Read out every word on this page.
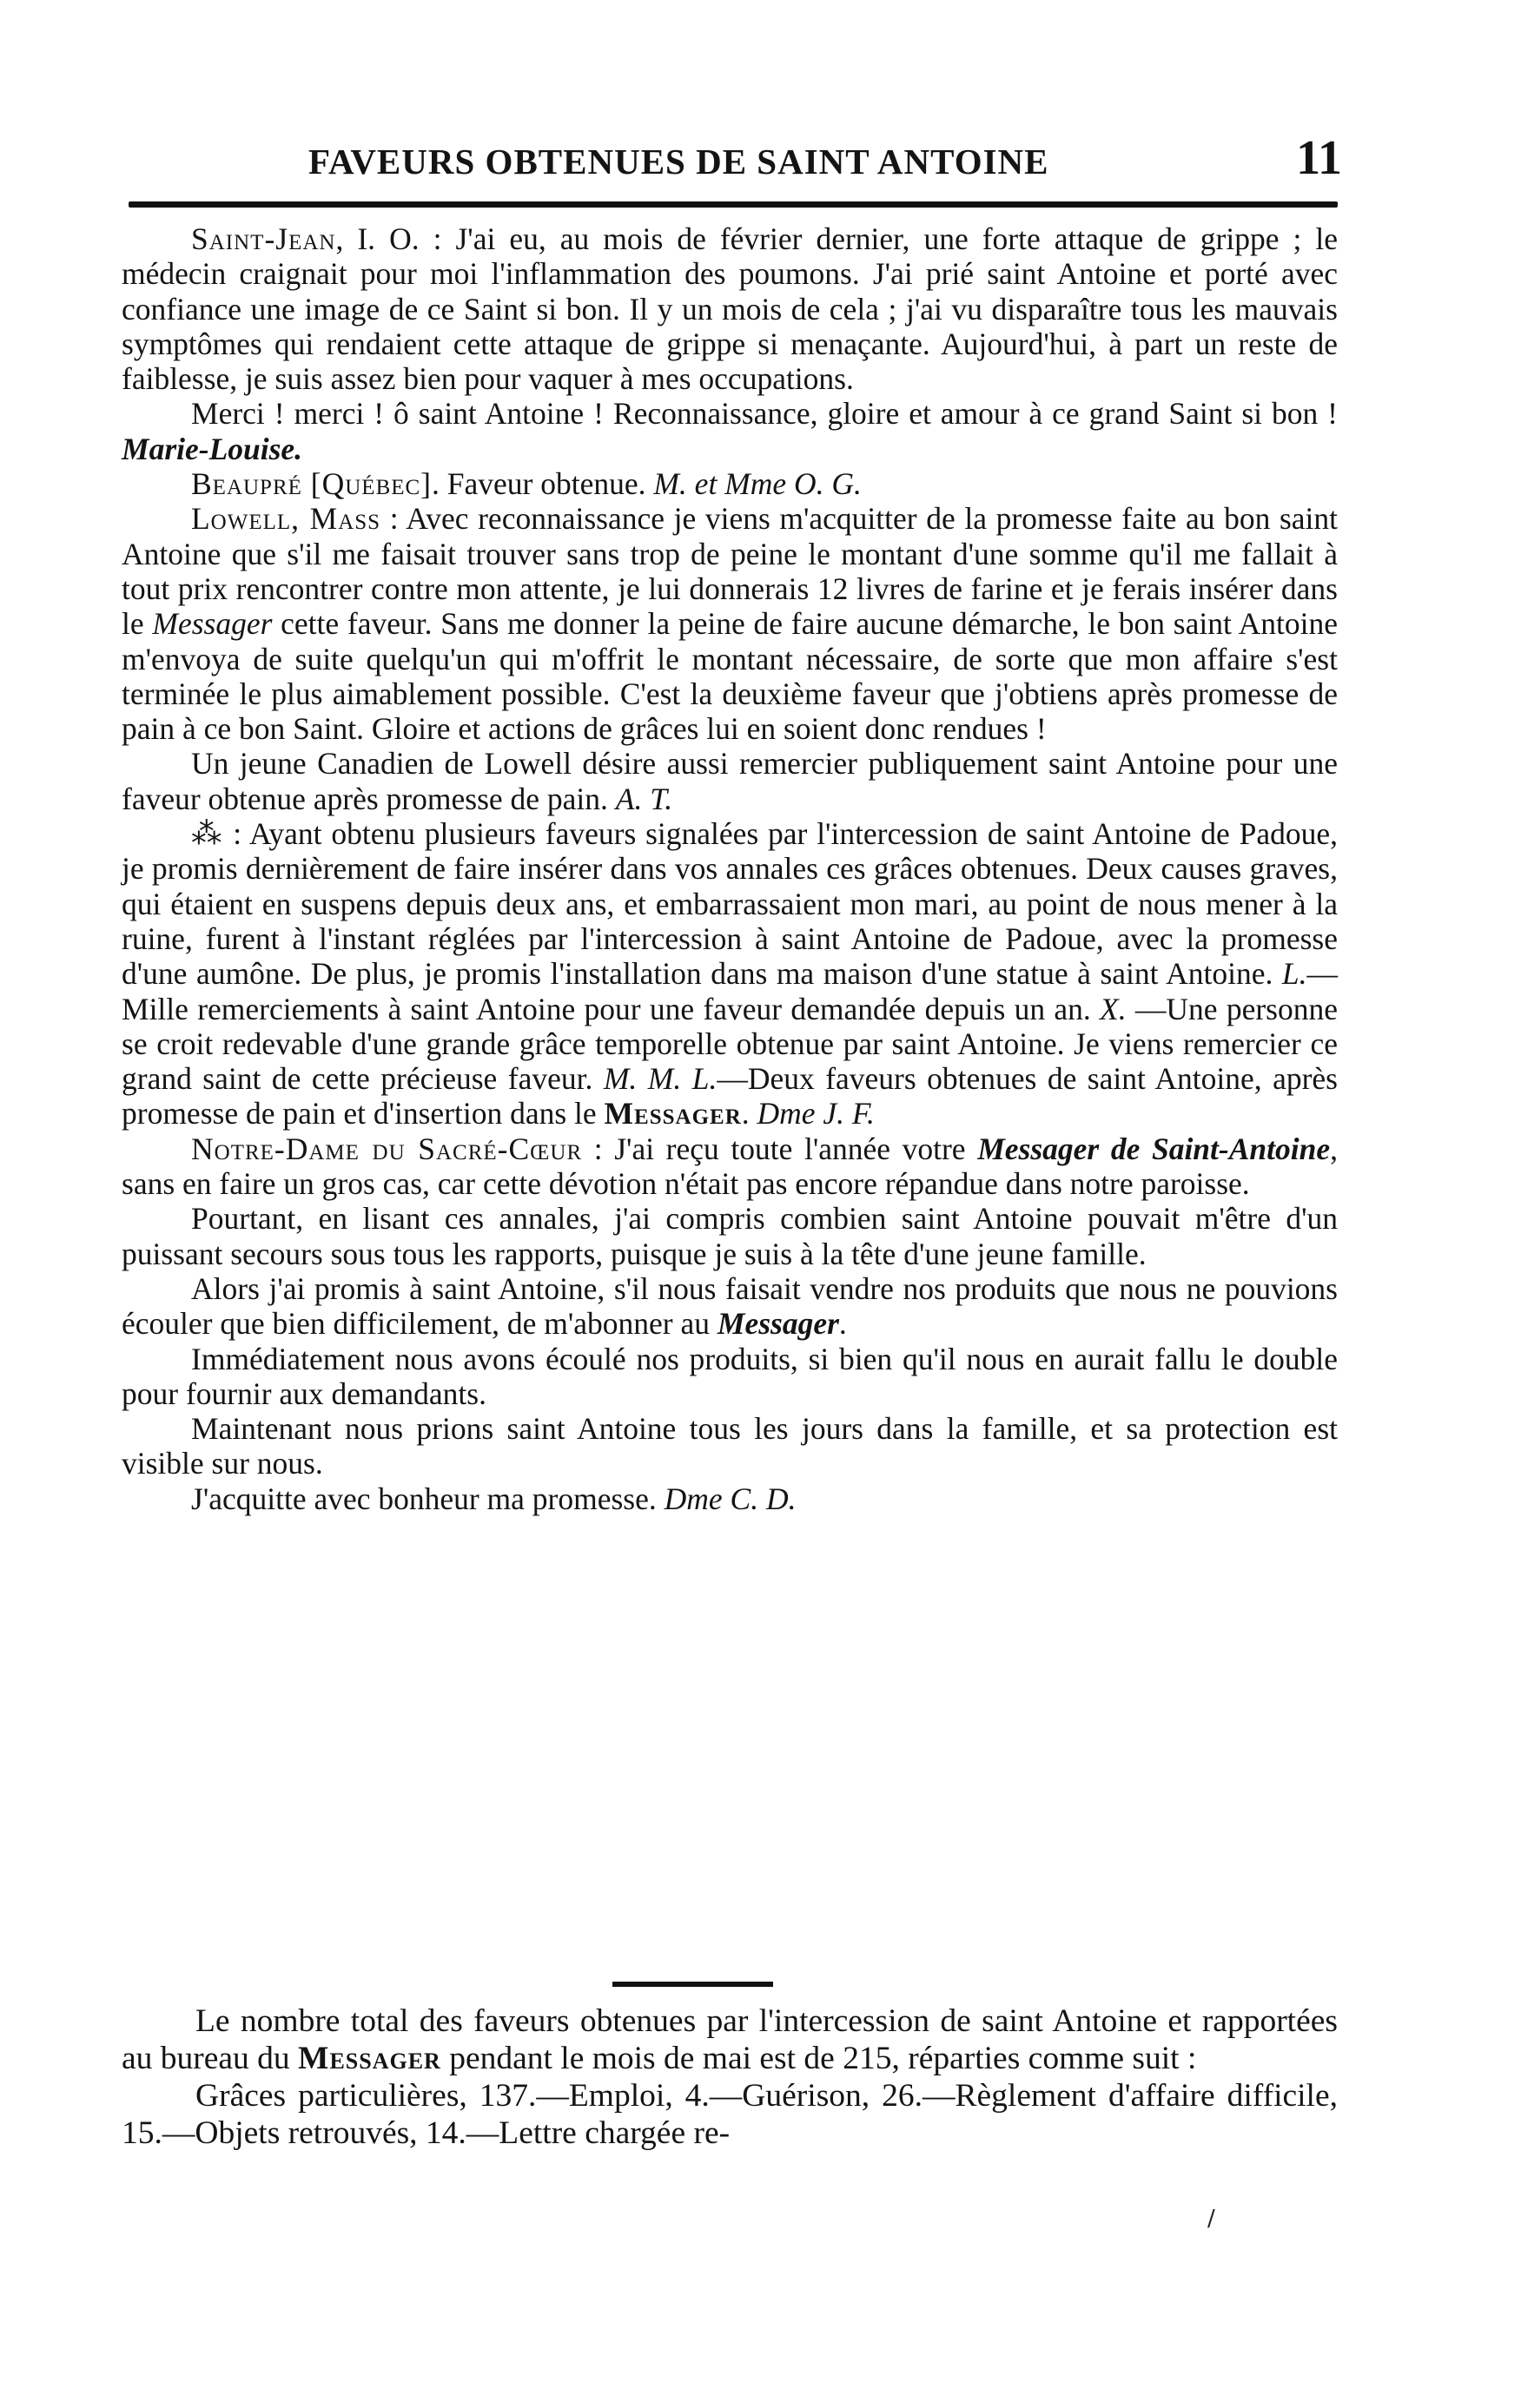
FAVEURS OBTENUES DE SAINT ANTOINE	11

Saint-Jean, I. O. : J'ai eu, au mois de février dernier, une forte attaque de grippe ; le médecin craignait pour moi l'inflammation des poumons. J'ai prié saint Antoine et porté avec confiance une image de ce Saint si bon. Il y un mois de cela ; j'ai vu disparaître tous les mauvais symptômes qui rendaient cette attaque de grippe si menaçante. Aujourd'hui, à part un reste de faiblesse, je suis assez bien pour vaquer à mes occupations.

Merci ! merci ! ô saint Antoine ! Reconnaissance, gloire et amour à ce grand Saint si bon ! Marie-Louise.

Beaupré [Québec]. Faveur obtenue. M. et Mme O. G.

Lowell, Mass : Avec reconnaissance je viens m'acquitter de la promesse faite au bon saint Antoine que s'il me faisait trouver sans trop de peine le montant d'une somme qu'il me fallait à tout prix rencontrer contre mon attente, je lui donnerais 12 livres de farine et je ferais insérer dans le Messager cette faveur. Sans me donner la peine de faire aucune démarche, le bon saint Antoine m'envoya de suite quelqu'un qui m'offrit le montant nécessaire, de sorte que mon affaire s'est terminée le plus aimablement possible. C'est la deuxième faveur que j'obtiens après promesse de pain à ce bon Saint. Gloire et actions de grâces lui en soient donc rendues !

Un jeune Canadien de Lowell désire aussi remercier publiquement saint Antoine pour une faveur obtenue après promesse de pain. A. T.

⁂ : Ayant obtenu plusieurs faveurs signalées par l'intercession de saint Antoine de Padoue, je promis dernièrement de faire insérer dans vos annales ces grâces obtenues. Deux causes graves, qui étaient en suspens depuis deux ans, et embarrassaient mon mari, au point de nous mener à la ruine, furent à l'instant réglées par l'intercession à saint Antoine de Padoue, avec la promesse d'une aumône. De plus, je promis l'installation dans ma maison d'une statue à saint Antoine. L.—Mille remerciements à saint Antoine pour une faveur demandée depuis un an. X. —Une personne se croit redevable d'une grande grâce temporelle obtenue par saint Antoine. Je viens remercier ce grand saint de cette précieuse faveur. M. M. L.—Deux faveurs obtenues de saint Antoine, après promesse de pain et d'insertion dans le Messager. Dme J. F.

Notre-Dame du Sacré-Cœur : J'ai reçu toute l'année votre Messager de Saint-Antoine, sans en faire un gros cas, car cette dévotion n'était pas encore répandue dans notre paroisse.

Pourtant, en lisant ces annales, j'ai compris combien saint Antoine pouvait m'être d'un puissant secours sous tous les rapports, puisque je suis à la tête d'une jeune famille.

Alors j'ai promis à saint Antoine, s'il nous faisait vendre nos produits que nous ne pouvions écouler que bien difficilement, de m'abonner au Messager.

Immédiatement nous avons écoulé nos produits, si bien qu'il nous en aurait fallu le double pour fournir aux demandants.

Maintenant nous prions saint Antoine tous les jours dans la famille, et sa protection est visible sur nous.

J'acquitte avec bonheur ma promesse. Dme C. D.

Le nombre total des faveurs obtenues par l'intercession de saint Antoine et rapportées au bureau du Messager pendant le mois de mai est de 215, réparties comme suit :

Grâces particulières, 137.—Emploi, 4.—Guérison, 26.—Règlement d'affaire difficile, 15.—Objets retrouvés, 14.—Lettre chargée re-

/
